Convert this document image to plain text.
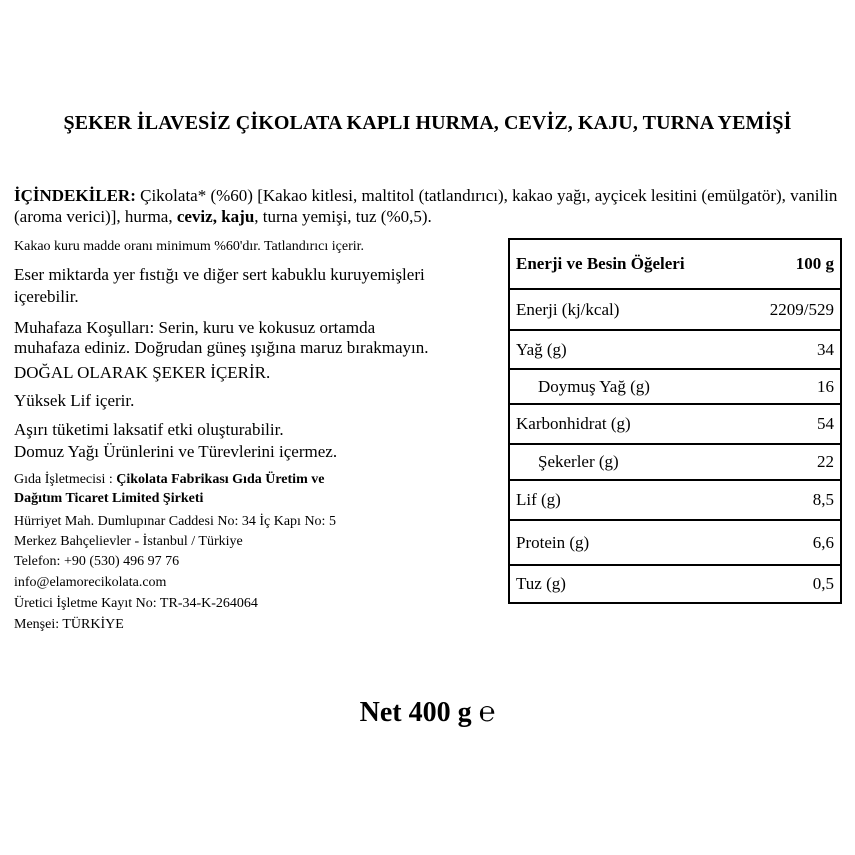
ŞEKER İLAVESİZ ÇİKOLATA KAPLI HURMA, CEVİZ, KAJU, TURNA YEMİŞİ
İÇİNDEKİLER: Çikolata* (%60) [Kakao kitlesi, maltitol (tatlandırıcı), kakao yağı, ayçicek lesitini (emülgatör), vanilin (aroma verici)], hurma, ceviz, kaju, turna yemişi, tuz (%0,5).
Kakao kuru madde oranı minimum %60'dır. Tatlandırıcı içerir.
Eser miktarda yer fıstığı ve diğer sert kabuklu kuruyemişleri
içerebilir.
Muhafaza Koşulları: Serin, kuru ve kokusuz ortamda
muhafaza ediniz. Doğrudan güneş ışığına maruz bırakmayın.
DOĞAL OLARAK ŞEKER İÇERİR.
Yüksek Lif içerir.
Aşırı tüketimi laksatif etki oluşturabilir.
Domuz Yağı Ürünlerini ve Türevlerini içermez.
Gıda İşletmecisi : Çikolata Fabrikası Gıda Üretim ve
Dağıtım Ticaret Limited Şirketi
Hürriyet Mah. Dumlupınar Caddesi No: 34 İç Kapı No: 5
Merkez Bahçelievler - İstanbul / Türkiye
Telefon: +90 (530) 496 97 76
info@elamorecikolata.com
Üretici İşletme Kayıt No: TR-34-K-264064
Menşei: TÜRKİYE
Enerji ve Besin Öğeleri	100 g
Enerji (kj/kcal)	2209/529
Yağ (g)	34
Doymuş Yağ (g)	16
Karbonhidrat (g)	54
Şekerler (g)	22
Lif (g)	8,5
Protein (g)	6,6
Tuz (g)	0,5
Net 400 g ℮
